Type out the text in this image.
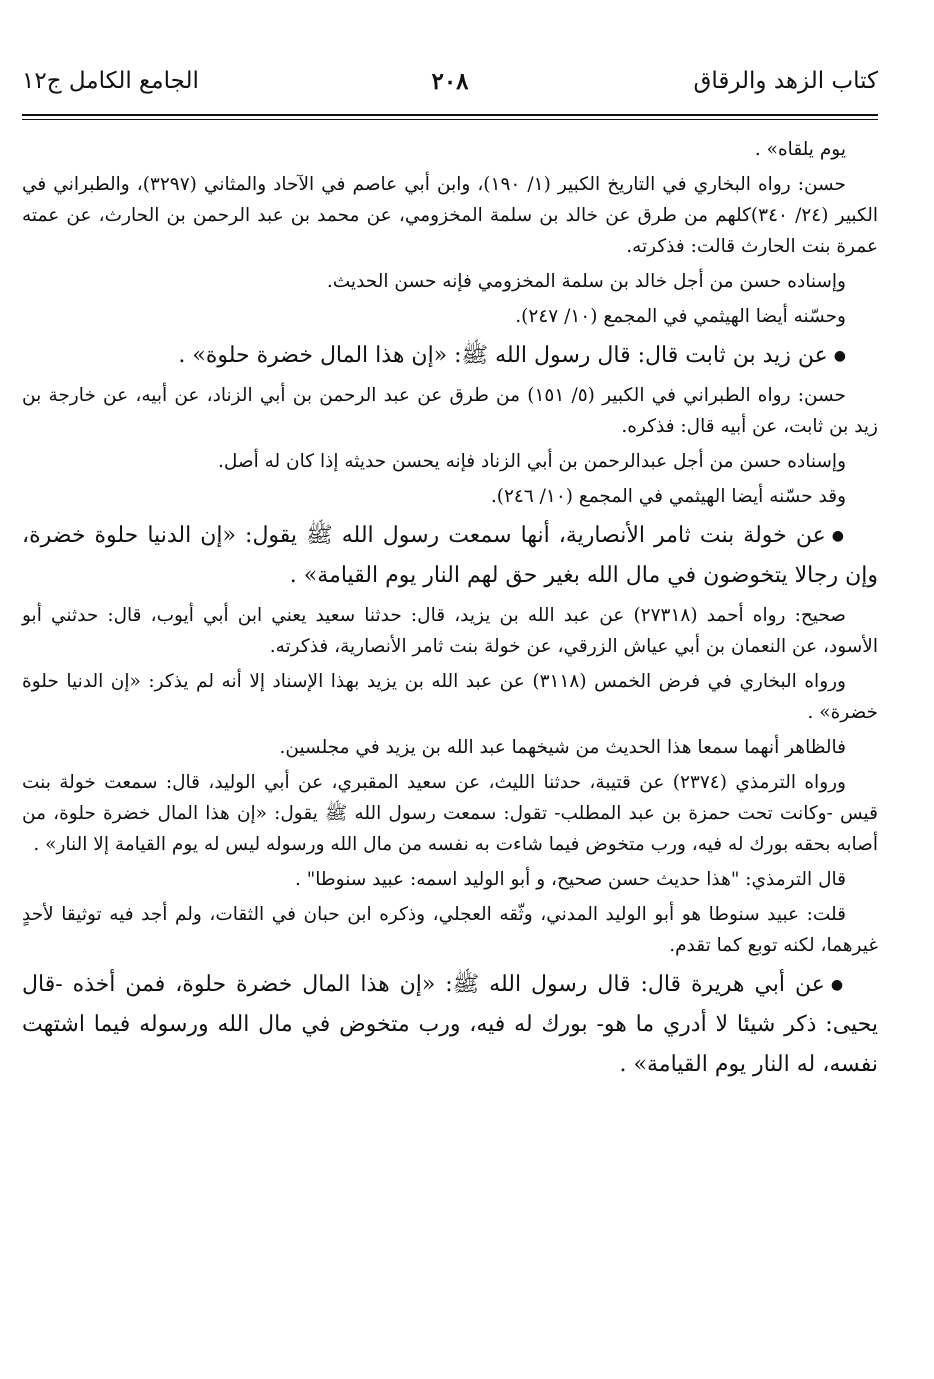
كتاب الزهد والرقاق
٢٠٨
الجامع الكامل ج١٢

يوم يلقاه» .

حسن: رواه البخاري في التاريخ الكبير (١/ ١٩٠)، وابن أبي عاصم في الآحاد والمثاني (٣٢٩٧)، والطبراني في الكبير (٢٤/ ٣٤٠)كلهم من طرق عن خالد بن سلمة المخزومي، عن محمد بن عبد الرحمن بن الحارث، عن عمته عمرة بنت الحارث قالت: فذكرته.

وإسناده حسن من أجل خالد بن سلمة المخزومي فإنه حسن الحديث.

وحسّنه أيضا الهيثمي في المجمع (١٠/ ٢٤٧).

●عن زيد بن ثابت قال: قال رسول الله ﷺ: «إن هذا المال خضرة حلوة» .

حسن: رواه الطبراني في الكبير (٥/ ١٥١) من طرق عن عبد الرحمن بن أبي الزناد، عن أبيه، عن خارجة بن زيد بن ثابت، عن أبيه قال: فذكره.

وإسناده حسن من أجل عبدالرحمن بن أبي الزناد فإنه يحسن حديثه إذا كان له أصل.

وقد حسّنه أيضا الهيثمي في المجمع (١٠/ ٢٤٦).

●عن خولة بنت ثامر الأنصارية، أنها سمعت رسول الله ﷺ يقول: «إن الدنيا حلوة خضرة، وإن رجالا يتخوضون في مال الله بغير حق لهم النار يوم القيامة» .

صحيح: رواه أحمد (٢٧٣١٨) عن عبد الله بن يزيد، قال: حدثنا سعيد يعني ابن أبي أيوب، قال: حدثني أبو الأسود، عن النعمان بن أبي عياش الزرقي، عن خولة بنت ثامر الأنصارية، فذكرته.

ورواه البخاري في فرض الخمس (٣١١٨) عن عبد الله بن يزيد بهذا الإسناد إلا أنه لم يذكر: «إن الدنيا حلوة خضرة» .

فالظاهر أنهما سمعا هذا الحديث من شيخهما عبد الله بن يزيد في مجلسين.

ورواه الترمذي (٢٣٧٤) عن قتيبة، حدثنا الليث، عن سعيد المقبري، عن أبي الوليد، قال: سمعت خولة بنت قيس -وكانت تحت حمزة بن عبد المطلب- تقول: سمعت رسول الله ﷺ يقول: «إن هذا المال خضرة حلوة، من أصابه بحقه بورك له فيه، ورب متخوض فيما شاءت به نفسه من مال الله ورسوله ليس له يوم القيامة إلا النار» .

قال الترمذي: "هذا حديث حسن صحيح، و أبو الوليد اسمه: عبيد سنوطا" .

قلت: عبيد سنوطا هو أبو الوليد المدني، وثّقه العجلي، وذكره ابن حبان في الثقات، ولم أجد فيه توثيقا لأحدٍ غيرهما، لكنه توبع كما تقدم.

●عن أبي هريرة قال: قال رسول الله ﷺ: «إن هذا المال خضرة حلوة، فمن أخذه -قال يحيى: ذكر شيئا لا أدري ما هو- بورك له فيه، ورب متخوض في مال الله ورسوله فيما اشتهت نفسه، له النار يوم القيامة» .
